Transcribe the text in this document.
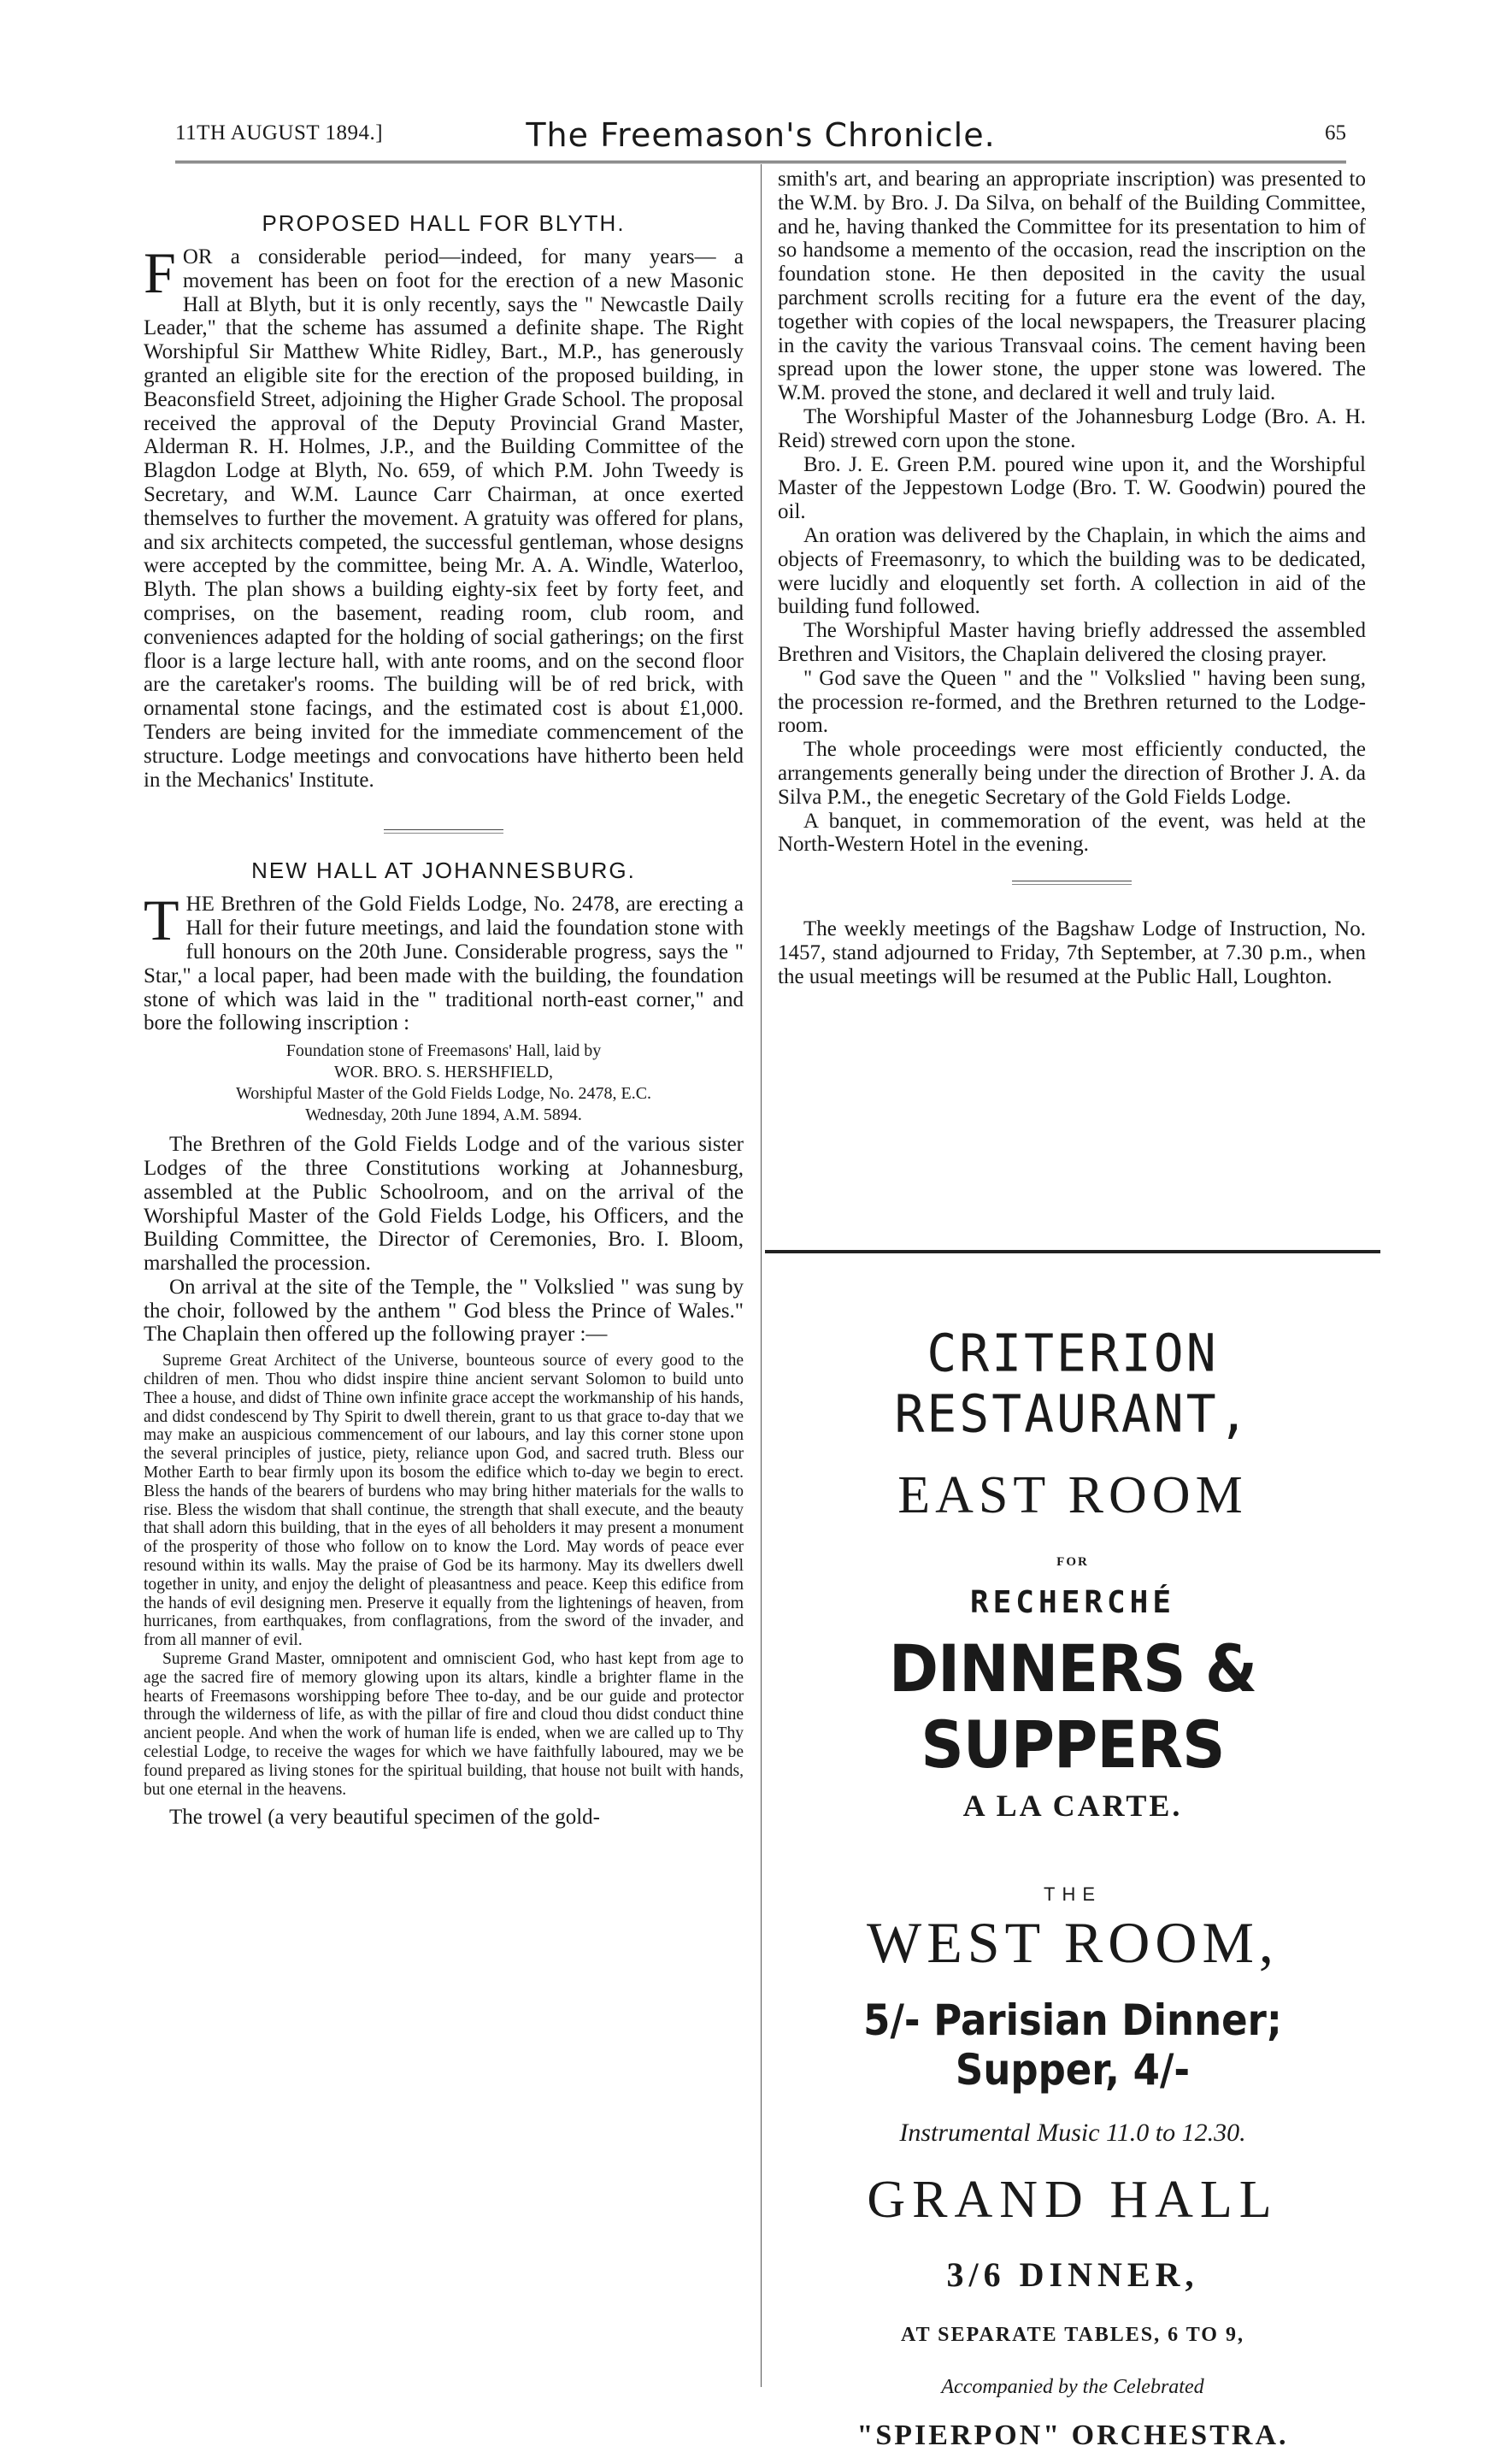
11TH AUGUST 1894.]	The Freemason's Chronicle.	65
PROPOSED HALL FOR BLYTH.

FOR a considerable period—indeed, for many years— a movement has been on foot for the erection of a new Masonic Hall at Blyth, but it is only recently, says the " Newcastle Daily Leader," that the scheme has assumed a definite shape. The Right Worshipful Sir Matthew White Ridley, Bart., M.P., has generously granted an eligible site for the erection of the proposed building, in Beaconsfield Street, adjoining the Higher Grade School. The proposal received the approval of the Deputy Provincial Grand Master, Alderman R. H. Holmes, J.P., and the Building Committee of the Blagdon Lodge at Blyth, No. 659, of which P.M. John Tweedy is Secretary, and W.M. Launce Carr Chairman, at once exerted themselves to further the movement. A gratuity was offered for plans, and six architects competed, the successful gentleman, whose designs were accepted by the committee, being Mr. A. A. Windle, Waterloo, Blyth. The plan shows a building eighty-six feet by forty feet, and comprises, on the basement, reading room, club room, and conveniences adapted for the holding of social gatherings; on the first floor is a large lecture hall, with ante rooms, and on the second floor are the caretaker's rooms. The building will be of red brick, with ornamental stone facings, and the estimated cost is about £1,000. Tenders are being invited for the immediate commencement of the structure. Lodge meetings and convocations have hitherto been held in the Mechanics' Institute.

NEW HALL AT JOHANNESBURG.

THE Brethren of the Gold Fields Lodge, No. 2478, are erecting a Hall for their future meetings, and laid the foundation stone with full honours on the 20th June. Considerable progress, says the " Star," a local paper, had been made with the building, the foundation stone of which was laid in the " traditional north-east corner," and bore the following inscription :

Foundation stone of Freemasons' Hall, laid by
WOR. BRO. S. HERSHFIELD,
Worshipful Master of the Gold Fields Lodge, No. 2478, E.C.
Wednesday, 20th June 1894, A.M. 5894.

The Brethren of the Gold Fields Lodge and of the various sister Lodges of the three Constitutions working at Johannesburg, assembled at the Public Schoolroom, and on the arrival of the Worshipful Master of the Gold Fields Lodge, his Officers, and the Building Committee, the Director of Ceremonies, Bro. I. Bloom, marshalled the procession.

On arrival at the site of the Temple, the " Volkslied " was sung by the choir, followed by the anthem " God bless the Prince of Wales." The Chaplain then offered up the following prayer :—

Supreme Great Architect of the Universe, bounteous source of every good to the children of men. Thou who didst inspire thine ancient servant Solomon to build unto Thee a house, and didst of Thine own infinite grace accept the workmanship of his hands, and didst condescend by Thy Spirit to dwell therein, grant to us that grace to-day that we may make an auspicious commencement of our labours, and lay this corner stone upon the several principles of justice, piety, reliance upon God, and sacred truth. Bless our Mother Earth to bear firmly upon its bosom the edifice which to-day we begin to erect. Bless the hands of the bearers of burdens who may bring hither materials for the walls to rise. Bless the wisdom that shall continue, the strength that shall execute, and the beauty that shall adorn this building, that in the eyes of all beholders it may present a monument of the prosperity of those who follow on to know the Lord. May words of peace ever resound within its walls. May the praise of God be its harmony. May its dwellers dwell together in unity, and enjoy the delight of pleasantness and peace. Keep this edifice from the hands of evil designing men. Preserve it equally from the lightenings of heaven, from hurricanes, from earthquakes, from conflagrations, from the sword of the invader, and from all manner of evil.

Supreme Grand Master, omnipotent and omniscient God, who hast kept from age to age the sacred fire of memory glowing upon its altars, kindle a brighter flame in the hearts of Freemasons worshipping before Thee to-day, and be our guide and protector through the wilderness of life, as with the pillar of fire and cloud thou didst conduct thine ancient people. And when the work of human life is ended, when we are called up to Thy celestial Lodge, to receive the wages for which we have faithfully laboured, may we be found prepared as living stones for the spiritual building, that house not built with hands, but one eternal in the heavens.

The trowel (a very beautiful specimen of the gold-

smith's art, and bearing an appropriate inscription) was presented to the W.M. by Bro. J. Da Silva, on behalf of the Building Committee, and he, having thanked the Committee for its presentation to him of so handsome a memento of the occasion, read the inscription on the foundation stone. He then deposited in the cavity the usual parchment scrolls reciting for a future era the event of the day, together with copies of the local newspapers, the Treasurer placing in the cavity the various Transvaal coins. The cement having been spread upon the lower stone, the upper stone was lowered. The W.M. proved the stone, and declared it well and truly laid.

The Worshipful Master of the Johannesburg Lodge (Bro. A. H. Reid) strewed corn upon the stone.

Bro. J. E. Green P.M. poured wine upon it, and the Worshipful Master of the Jeppestown Lodge (Bro. T. W. Goodwin) poured the oil.

An oration was delivered by the Chaplain, in which the aims and objects of Freemasonry, to which the building was to be dedicated, were lucidly and eloquently set forth. A collection in aid of the building fund followed.

The Worshipful Master having briefly addressed the assembled Brethren and Visitors, the Chaplain delivered the closing prayer.

" God save the Queen " and the " Volkslied " having been sung, the procession re-formed, and the Brethren returned to the Lodge-room.

The whole proceedings were most efficiently conducted, the arrangements generally being under the direction of Brother J. A. da Silva P.M., the enegetic Secretary of the Gold Fields Lodge.

A banquet, in commemoration of the event, was held at the North-Western Hotel in the evening.

The weekly meetings of the Bagshaw Lodge of Instruction, No. 1457, stand adjourned to Friday, 7th September, at 7.30 p.m., when the usual meetings will be resumed at the Public Hall, Loughton.

CRITERION RESTAURANT,
EAST ROOM
FOR
RECHERCHÉ
DINNERS & SUPPERS
A LA CARTE.
THE
WEST ROOM,
5/- Parisian Dinner; Supper, 4/-
Instrumental Music 11.0 to 12.30.
GRAND HALL
3/6 DINNER,
AT SEPARATE TABLES, 6 TO 9,
Accompanied by the Celebrated
"SPIERPON" ORCHESTRA.
